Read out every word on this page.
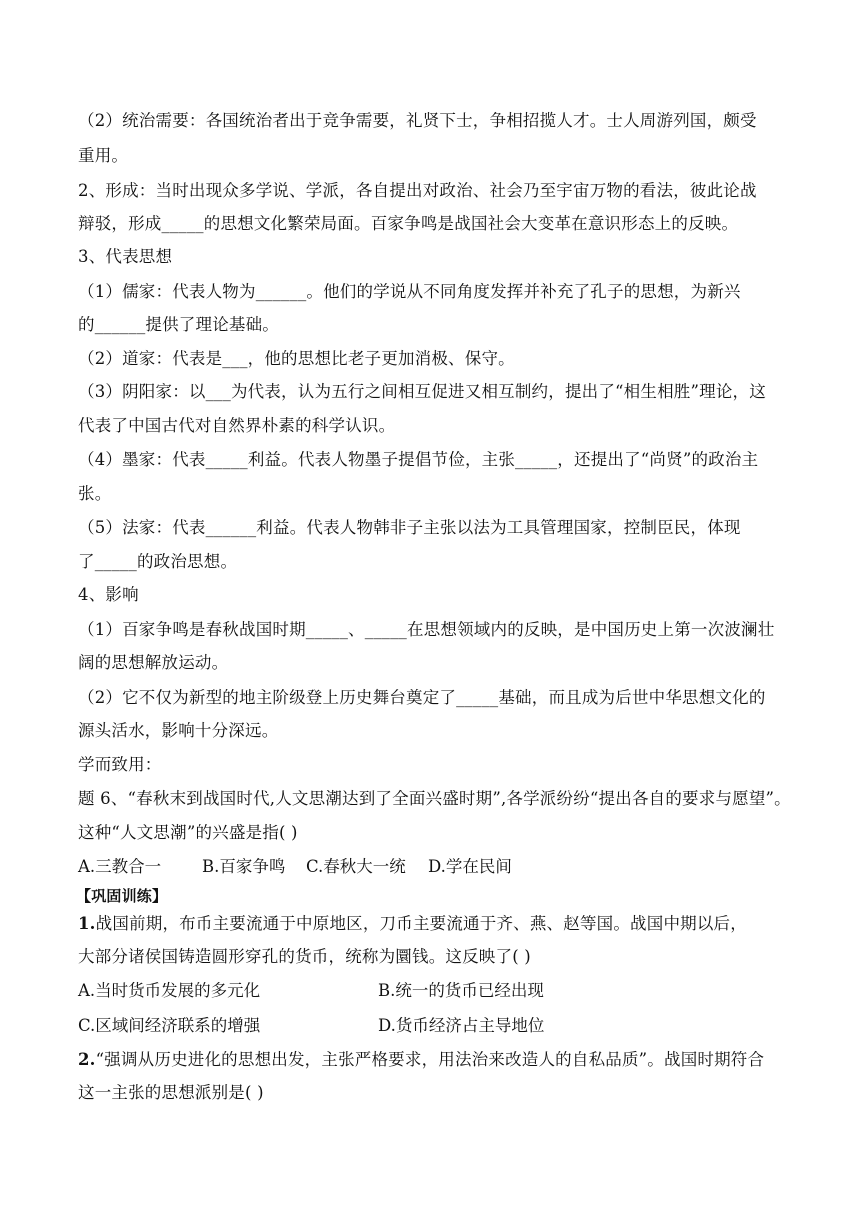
（2）统治需要：各国统治者出于竞争需要，礼贤下士，争相招揽人才。士人周游列国，颇受
重用。
2、形成：当时出现众多学说、学派，各自提出对政治、社会乃至宇宙万物的看法，彼此论战
辩驳，形成_____的思想文化繁荣局面。百家争鸣是战国社会大变革在意识形态上的反映。
3、代表思想
（1）儒家：代表人物为______。他们的学说从不同角度发挥并补充了孔子的思想，为新兴
的______提供了理论基础。
（2）道家：代表是___，他的思想比老子更加消极、保守。
（3）阴阳家：以___为代表，认为五行之间相互促进又相互制约，提出了“相生相胜”理论，这
代表了中国古代对自然界朴素的科学认识。
（4）墨家：代表_____利益。代表人物墨子提倡节俭，主张_____，还提出了“尚贤”的政治主
张。
（5）法家：代表______利益。代表人物韩非子主张以法为工具管理国家，控制臣民，体现
了_____的政治思想。
4、影响
（1）百家争鸣是春秋战国时期_____、_____在思想领域内的反映，是中国历史上第一次波澜壮
阔的思想解放运动。
（2）它不仅为新型的地主阶级登上历史舞台奠定了_____基础，而且成为后世中华思想文化的
源头活水，影响十分深远。
学而致用：
题 6、“春秋末到战国时代,人文思潮达到了全面兴盛时期”,各学派纷纷“提出各自的要求与愿望”。
这种“人文思潮”的兴盛是指( )
A.三教合一 B.百家争鸣 C.春秋大一统 D.学在民间
【巩固训练】
1.战国前期，布币主要流通于中原地区，刀币主要流通于齐、燕、赵等国。战国中期以后，
大部分诸侯国铸造圆形穿孔的货币，统称为圜钱。这反映了( )
A.当时货币发展的多元化	B.统一的货币已经出现
C.区域间经济联系的增强	D.货币经济占主导地位
2.“强调从历史进化的思想出发，主张严格要求，用法治来改造人的自私品质”。战国时期符合
这一主张的思想派别是( )
